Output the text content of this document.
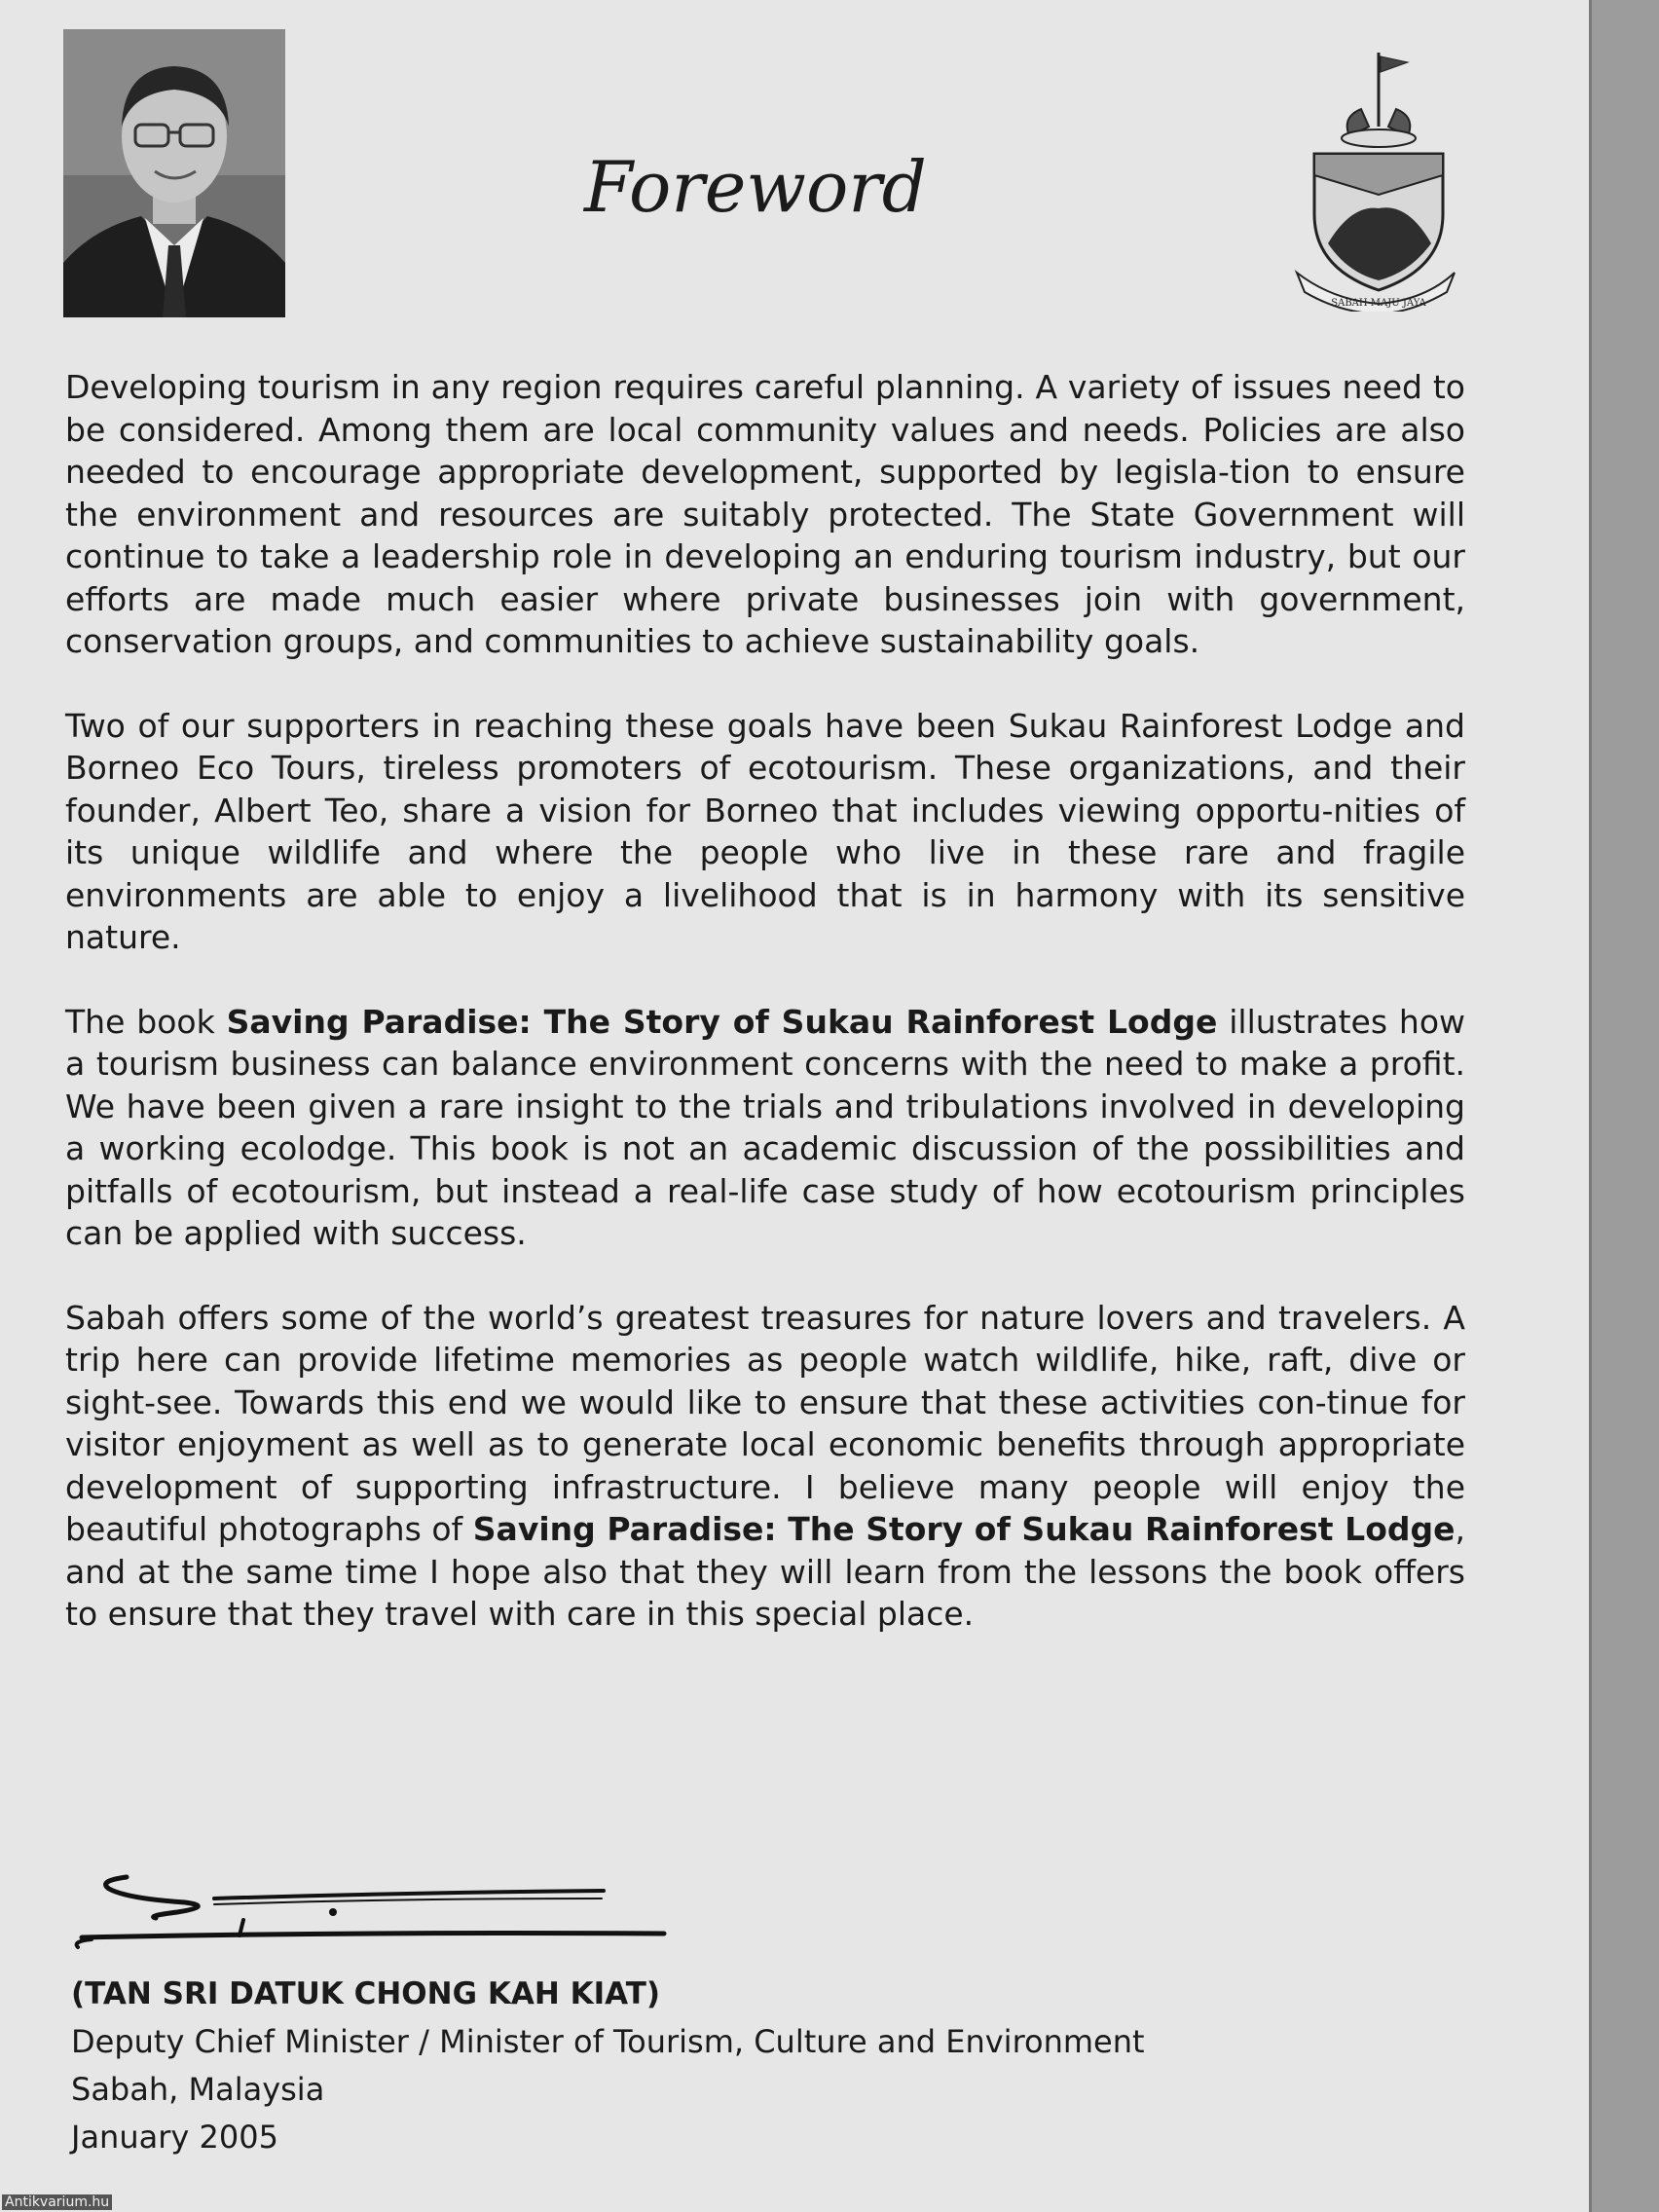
Foreword
SABAH MAJU JAYA

Developing tourism in any region requires careful planning. A variety of issues need to be considered. Among them are local community values and needs. Policies are also needed to encourage appropriate development, supported by legisla-tion to ensure the environment and resources are suitably protected. The State Government will continue to take a leadership role in developing an enduring tourism industry, but our efforts are made much easier where private businesses join with government, conservation groups, and communities to achieve sustainability goals.

Two of our supporters in reaching these goals have been Sukau Rainforest Lodge and Borneo Eco Tours, tireless promoters of ecotourism. These organizations, and their founder, Albert Teo, share a vision for Borneo that includes viewing opportu-nities of its unique wildlife and where the people who live in these rare and fragile environments are able to enjoy a livelihood that is in harmony with its sensitive nature.

The book Saving Paradise: The Story of Sukau Rainforest Lodge illustrates how a tourism business can balance environment concerns with the need to make a profit. We have been given a rare insight to the trials and tribulations involved in developing a working ecolodge. This book is not an academic discussion of the possibilities and pitfalls of ecotourism, but instead a real-life case study of how ecotourism principles can be applied with success.

Sabah offers some of the world’s greatest treasures for nature lovers and travelers. A trip here can provide lifetime memories as people watch wildlife, hike, raft, dive or sight-see. Towards this end we would like to ensure that these activities con-tinue for visitor enjoyment as well as to generate local economic benefits through appropriate development of supporting infrastructure. I believe many people will enjoy the beautiful photographs of Saving Paradise: The Story of Sukau Rainforest Lodge, and at the same time I hope also that they will learn from the lessons the book offers to ensure that they travel with care in this special place.

(TAN SRI DATUK CHONG KAH KIAT)
Deputy Chief Minister / Minister of Tourism, Culture and Environment
Sabah, Malaysia
January 2005
Antikvarium.hu
